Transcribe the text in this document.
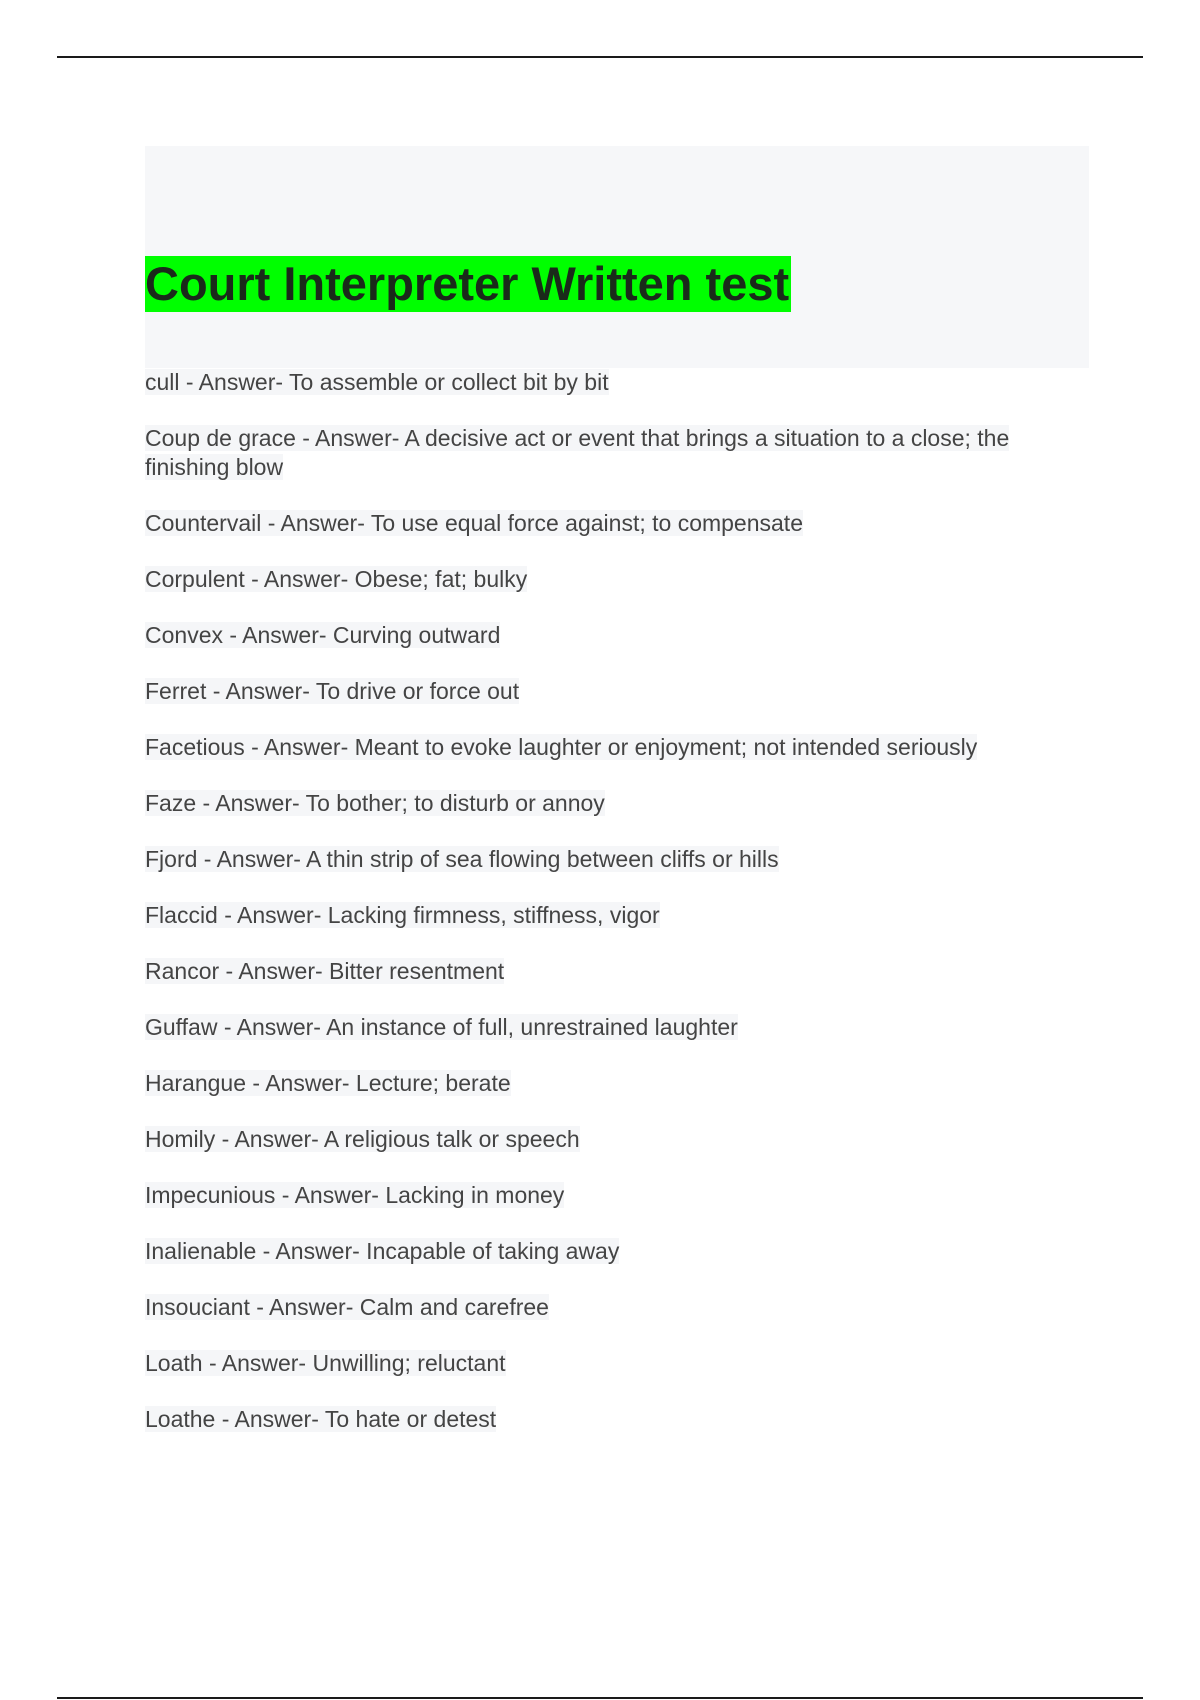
Court Interpreter Written test
cull - Answer- To assemble or collect bit by bit
Coup de grace - Answer- A decisive act or event that brings a situation to a close; the finishing blow
Countervail - Answer- To use equal force against; to compensate
Corpulent - Answer- Obese; fat; bulky
Convex - Answer- Curving outward
Ferret - Answer- To drive or force out
Facetious - Answer- Meant to evoke laughter or enjoyment; not intended seriously
Faze - Answer- To bother; to disturb or annoy
Fjord - Answer- A thin strip of sea flowing between cliffs or hills
Flaccid - Answer- Lacking firmness, stiffness, vigor
Rancor - Answer- Bitter resentment
Guffaw - Answer- An instance of full, unrestrained laughter
Harangue - Answer- Lecture; berate
Homily - Answer- A religious talk or speech
Impecunious - Answer- Lacking in money
Inalienable - Answer- Incapable of taking away
Insouciant - Answer- Calm and carefree
Loath - Answer- Unwilling; reluctant
Loathe - Answer- To hate or detest
